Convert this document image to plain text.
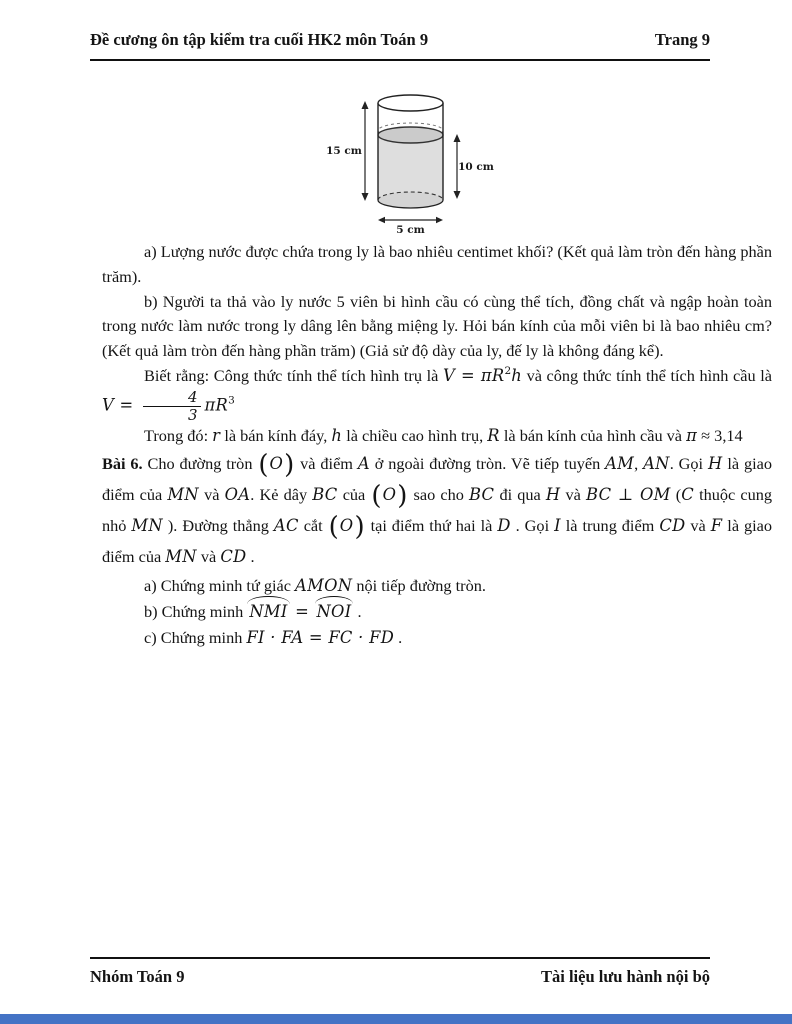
Đề cương ôn tập kiểm tra cuối HK2 môn Toán 9	Trang 9
15 cm
10 cm
5 cm

a) Lượng nước được chứa trong ly là bao nhiêu centimet khối? (Kết quả làm tròn đến hàng phần trăm).

b) Người ta thả vào ly nước 5 viên bi hình cầu có cùng thể tích, đồng chất và ngập hoàn toàn trong nước làm nước trong ly dâng lên bằng miệng ly. Hỏi bán kính của mỗi viên bi là bao nhiêu cm? (Kết quả làm tròn đến hàng phần trăm) (Giả sử độ dày của ly, đế ly là không đáng kể).

Biết rằng: Công thức tính thể tích hình trụ là $V = \pi R^2h$ và công thức tính thể tích hình cầu là $V = \frac{4}{3} \pi R^3$

Trong đó: r là bán kính đáy, h là chiều cao hình trụ, R là bán kính của hình cầu và π ≈ 3,14

Bài 6. Cho đường tròn (O) và điểm A ở ngoài đường tròn. Vẽ tiếp tuyến AM, AN. Gọi H là giao điểm của MN và OA. Kẻ dây BC của (O) sao cho BC đi qua H và BC ⊥ OM (C thuộc cung nhỏ MN ). Đường thẳng AC cắt (O) tại điểm thứ hai là D . Gọi I là trung điểm CD và F là giao điểm của MN và CD .

a) Chứng minh tứ giác AMON nội tiếp đường tròn.

b) Chứng minh NMI = NOI .

c) Chứng minh FI · FA = FC · FD .

Nhóm Toán 9	Tài liệu lưu hành nội bộ
